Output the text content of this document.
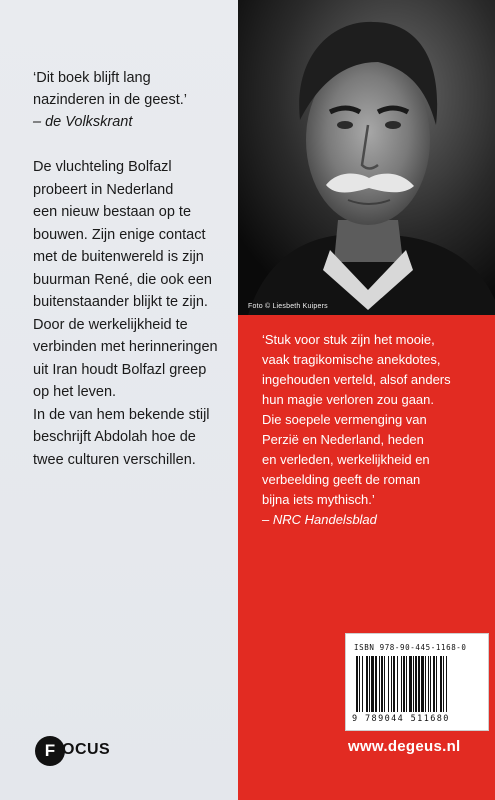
‘Dit boek blijft lang
nazinderen in de geest.’
– de Volkskrant
De vluchteling Bolfazl
probeert in Nederland
een nieuw bestaan op te
bouwen. Zijn enige contact
met de buitenwereld is zijn
buurman René, die ook een
buitenstaander blijkt te zijn.
Door de werkelijkheid te
verbinden met herinneringen
uit Iran houdt Bolfazl greep
op het leven.
In de van hem bekende stijl
beschrijft Abdolah hoe de
twee culturen verschillen.
Foto © Liesbeth Kuipers
‘Stuk voor stuk zijn het mooie,
vaak tragikomische anekdotes,
ingehouden verteld, alsof anders
hun magie verloren zou gaan.
Die soepele vermenging van
Perzië en Nederland, heden
en verleden, werkelijkheid en
verbeelding geeft de roman
bijna iets mythisch.’
– NRC Handelsblad
ISBN 978-90-445-1168-0
9 789044 511680
www.degeus.nl
F OCUS
